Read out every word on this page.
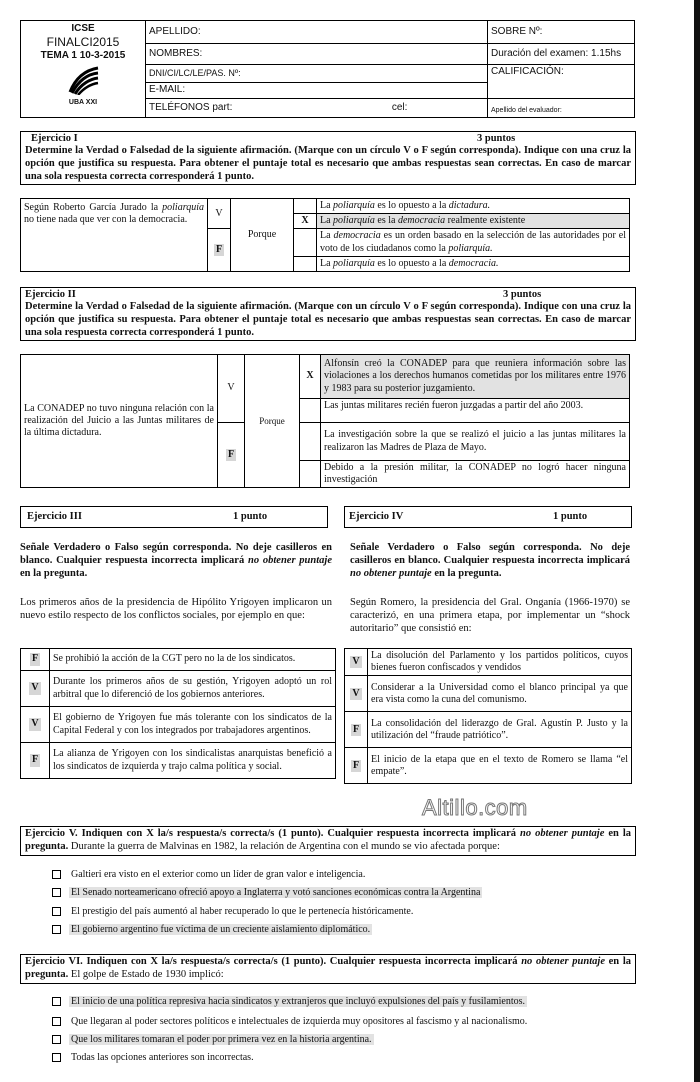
ICSE
FINALCI2015
TEMA 1 10-3-2015
UBA XXI	APELLIDO:		SOBRE Nº:
	NOMBRES:		Duración del examen: 1.15hs
	DNI/CI/LC/LE/PAS. Nº:		CALIFICACIÓN:
	E-MAIL:		
	TELÉFONOS part:	cel:	Apellido del evaluador:
Ejercicio I	3 puntos

Determine la Verdad o Falsedad de la siguiente afirmación. (Marque con un círculo V o F según corresponda). Indique con una cruz la opción que justifica su respuesta. Para obtener el puntaje total es necesario que ambas respuestas sean correctas. En caso de marcar una sola respuesta correcta corresponderá 1 punto.

Según Roberto García Jurado la poliarquía no tiene nada que ver con la democracia.	V	Porque		La poliarquía es lo opuesto a la dictadura.
			X	La poliarquía es la democracia realmente existente
	F			La democracia es un orden basado en la selección de las autoridades por el voto de los ciudadanos como la poliarquía.
				La poliarquía es lo opuesto a la democracia.
Ejercicio II	3 puntos

Determine la Verdad o Falsedad de la siguiente afirmación. (Marque con un círculo V o F según corresponda). Indique con una cruz la opción que justifica su respuesta. Para obtener el puntaje total es necesario que ambas respuestas sean correctas. En caso de marcar una sola respuesta correcta corresponderá 1 punto.

La CONADEP no tuvo ninguna relación con la realización del Juicio a las Juntas militares de la última dictadura.	V	Porque	X	Alfonsín creó la CONADEP para que reuniera información sobre las violaciones a los derechos humanos cometidas por los militares entre 1976 y 1983 para su posterior juzgamiento.
				Las juntas militares recién fueron juzgadas a partir del año 2003.
	F			La investigación sobre la que se realizó el juicio a las juntas militares la realizaron las Madres de Plaza de Mayo.
				Debido a la presión militar, la CONADEP no logró hacer ninguna investigación
Ejercicio III	1 punto
Señale Verdadero o Falso según corresponda. No deje casilleros en blanco. Cualquier respuesta incorrecta implicará no obtener puntaje en la pregunta.
Los primeros años de la presidencia de Hipólito Yrigoyen implicaron un nuevo estilo respecto de los conflictos sociales, por ejemplo en que:
F	Se prohibió la acción de la CGT pero no la de los sindicatos.
V	Durante los primeros años de su gestión, Yrigoyen adoptó un rol arbitral que lo diferenció de los gobiernos anteriores.
V	El gobierno de Yrigoyen fue más tolerante con los sindicatos de la Capital Federal y con los integrados por trabajadores argentinos.
F	La alianza de Yrigoyen con los sindicalistas anarquistas benefició a los sindicatos de izquierda y trajo calma política y social.
Ejercicio IV	1 punto
Señale Verdadero o Falso según corresponda. No deje casilleros en blanco. Cualquier respuesta incorrecta implicará no obtener puntaje en la pregunta.
Según Romero, la presidencia del Gral. Onganía (1966-1970) se caracterizó, en una primera etapa, por implementar un “shock autoritario” que consistió en:
V	La disolución del Parlamento y los partidos políticos, cuyos bienes fueron confiscados y vendidos
V	Considerar a la Universidad como el blanco principal ya que era vista como la cuna del comunismo.
F	La consolidación del liderazgo de Gral. Agustín P. Justo y la utilización del “fraude patriótico”.
F	El inicio de la etapa que en el texto de Romero se llama “el empate”.
Altillo.com
Ejercicio V. Indiquen con X la/s respuesta/s correcta/s (1 punto). Cualquier respuesta incorrecta implicará no obtener puntaje en la pregunta. Durante la guerra de Malvinas en 1982, la relación de Argentina con el mundo se vio afectada porque:
Galtieri era visto en el exterior como un líder de gran valor e inteligencia.
El Senado norteamericano ofreció apoyo a Inglaterra y votó sanciones económicas contra la Argentina
El prestigio del país aumentó al haber recuperado lo que le pertenecía históricamente.
El gobierno argentino fue víctima de un creciente aislamiento diplomático.
Ejercicio VI. Indiquen con X la/s respuesta/s correcta/s (1 punto). Cualquier respuesta incorrecta implicará no obtener puntaje en la pregunta. El golpe de Estado de 1930 implicó:
El inicio de una política represiva hacia sindicatos y extranjeros que incluyó expulsiones del país y fusilamientos.
Que llegaran al poder sectores políticos e intelectuales de izquierda muy opositores al fascismo y al nacionalismo.
Que los militares tomaran el poder por primera vez en la historia argentina.
Todas las opciones anteriores son incorrectas.
